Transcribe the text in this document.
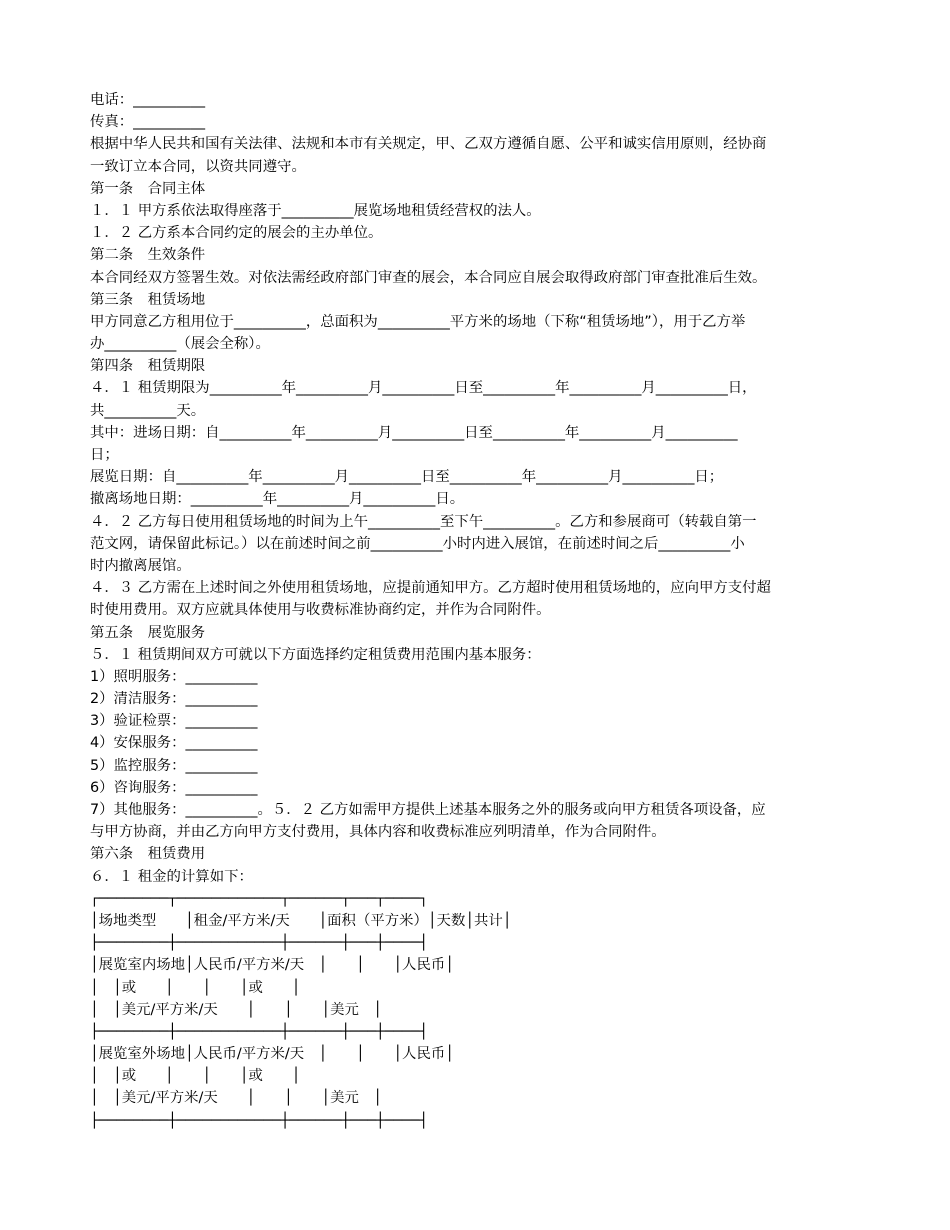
电话：__________
传真：__________
根据中华人民共和国有关法律、法规和本市有关规定，甲、乙双方遵循自愿、公平和诚实信用原则，经协商
一致订立本合同，以资共同遵守。
第一条　合同主体
１．１ 甲方系依法取得座落于__________展览场地租赁经营权的法人。
１．２ 乙方系本合同约定的展会的主办单位。
第二条　生效条件
本合同经双方签署生效。对依法需经政府部门审查的展会，本合同应自展会取得政府部门审查批准后生效。
第三条　租赁场地
甲方同意乙方租用位于__________，总面积为__________平方米的场地（下称“租赁场地”），用于乙方举
办__________（展会全称）。
第四条　租赁期限
４．１ 租赁期限为__________年__________月__________日至__________年__________月__________日，
共__________天。
其中：进场日期：自__________年__________月__________日至__________年__________月__________
日；
展览日期：自__________年__________月__________日至__________年__________月__________日；
撤离场地日期：__________年__________月__________日。
４．２ 乙方每日使用租赁场地的时间为上午__________至下午__________。乙方和参展商可（转载自第一
范文网，请保留此标记。）以在前述时间之前__________小时内进入展馆，在前述时间之后__________小
时内撤离展馆。
４．３ 乙方需在上述时间之外使用租赁场地，应提前通知甲方。乙方超时使用租赁场地的，应向甲方支付超
时使用费用。双方应就具体使用与收费标准协商约定，并作为合同附件。
第五条　展览服务
５．１ 租赁期间双方可就以下方面选择约定租赁费用范围内基本服务：
1）照明服务：__________
2）清洁服务：__________
3）验证检票：__________
4）安保服务：__________
5）监控服务：__________
6）咨询服务：__________
7）其他服务：__________。５．２ 乙方如需甲方提供上述基本服务之外的服务或向甲方租赁各项设备，应
与甲方协商，并由乙方向甲方支付费用，具体内容和收费标准应列明清单，作为合同附件。
第六条　租赁费用
６．１ 租金的计算如下：
┌────────┬────────────┬──────┬───┬────┐
│场地类型　　│租金/平方米/天　　│面积（平方米）│天数│共计│
├────────┼────────────┼──────┼───┼────┤
│展览室内场地│人民币/平方米/天　│　　│　　│人民币│
│　│或　　│　　│　　│或　　│
│　│美元/平方米/天　　│　　│　　│美元　│
├────────┼────────────┼──────┼───┼────┤
│展览室外场地│人民币/平方米/天　│　　│　　│人民币│
│　│或　　│　　│　　│或　　│
│　│美元/平方米/天　　│　　│　　│美元　│
├────────┼────────────┼──────┼───┼────┤
